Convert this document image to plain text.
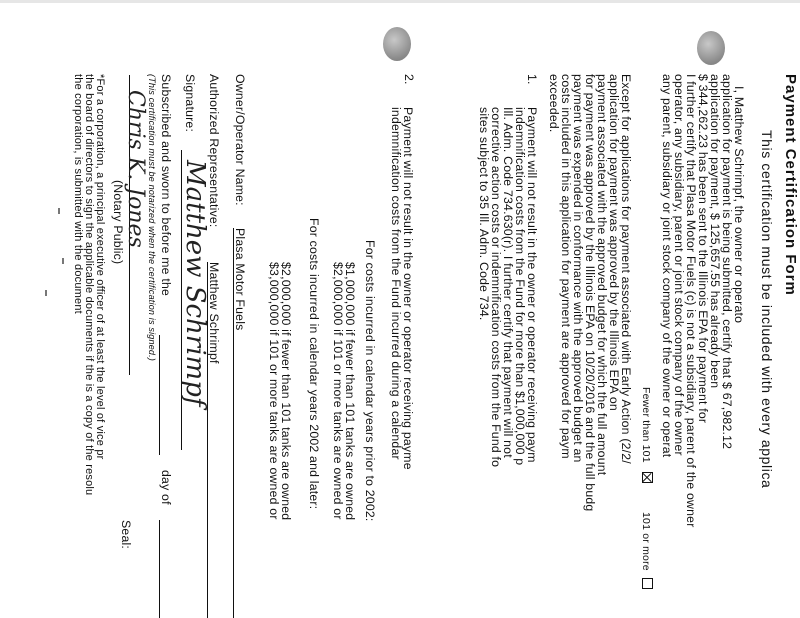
Payment Certification Form
This certification must be included with every applica
I, Matthew Schrimpf, the owner or operato
application for payment is being submitted, certify that $ 67,982.12
application for payment, $ 125,657.55 has already been
$ 344,262.23 has been sent to the Illinois EPA for payment for
I further certify that Plasa Motor Fuels (c) is not a subsidiary, parent of the owner
operator, any subsidiary, parent or joint stock company of the owner
any parent, subsidiary or joint stock company of the owner or operat
Fewer than 101
101 or more
Except for applications for payment associated with Early Action (2/2/
application for payment was approved by the Illinois EPA on
payment associated with the approved budget for which the full amount
for payment was approved by the Illinois EPA on 10/20/2016 and the full budg
payment was expended in conformance with the approved budget an
costs included in this application for payment are approved for paym
exceeded.
1.
Payment will not result in the owner or operator receiving paym
indemnification costs from the Fund for more than $1,000,000 p
Ill. Adm. Code 734.630(r). I further certify that payment will not
corrective action costs or indemnification costs from the Fund fo
sites subject to 35 Ill. Adm. Code 734.
2.
Payment will not result in the owner or operator receiving payme
indemnification costs from the Fund incurred during a calendar
For costs incurred in calendar years prior to 2002:
$1,000,000 if fewer than 101 tanks are owned
$2,000,000 if 101 or more tanks are owned or
For costs incurred in calendar years 2002 and later:
$2,000,000 if fewer than 101 tanks are owned
$3,000,000 if 101 or more tanks are owned or
Owner/Operator Name:
Plasa Motor Fuels
Authorized Representative:
Matthew Schrimpf
Signature:
Matthew Schrimpf
Subscribed and sworn to before me the
day of
(This certification must be notarized when the certification is signed.)
Chris K. Jones
Seal:
(Notary Public)
*For a corporation, a principal executive officer of at least the level of vice pr
the board of directors to sign the applicable documents if the is a copy of the resolu
the corporation, is submitted with the document
